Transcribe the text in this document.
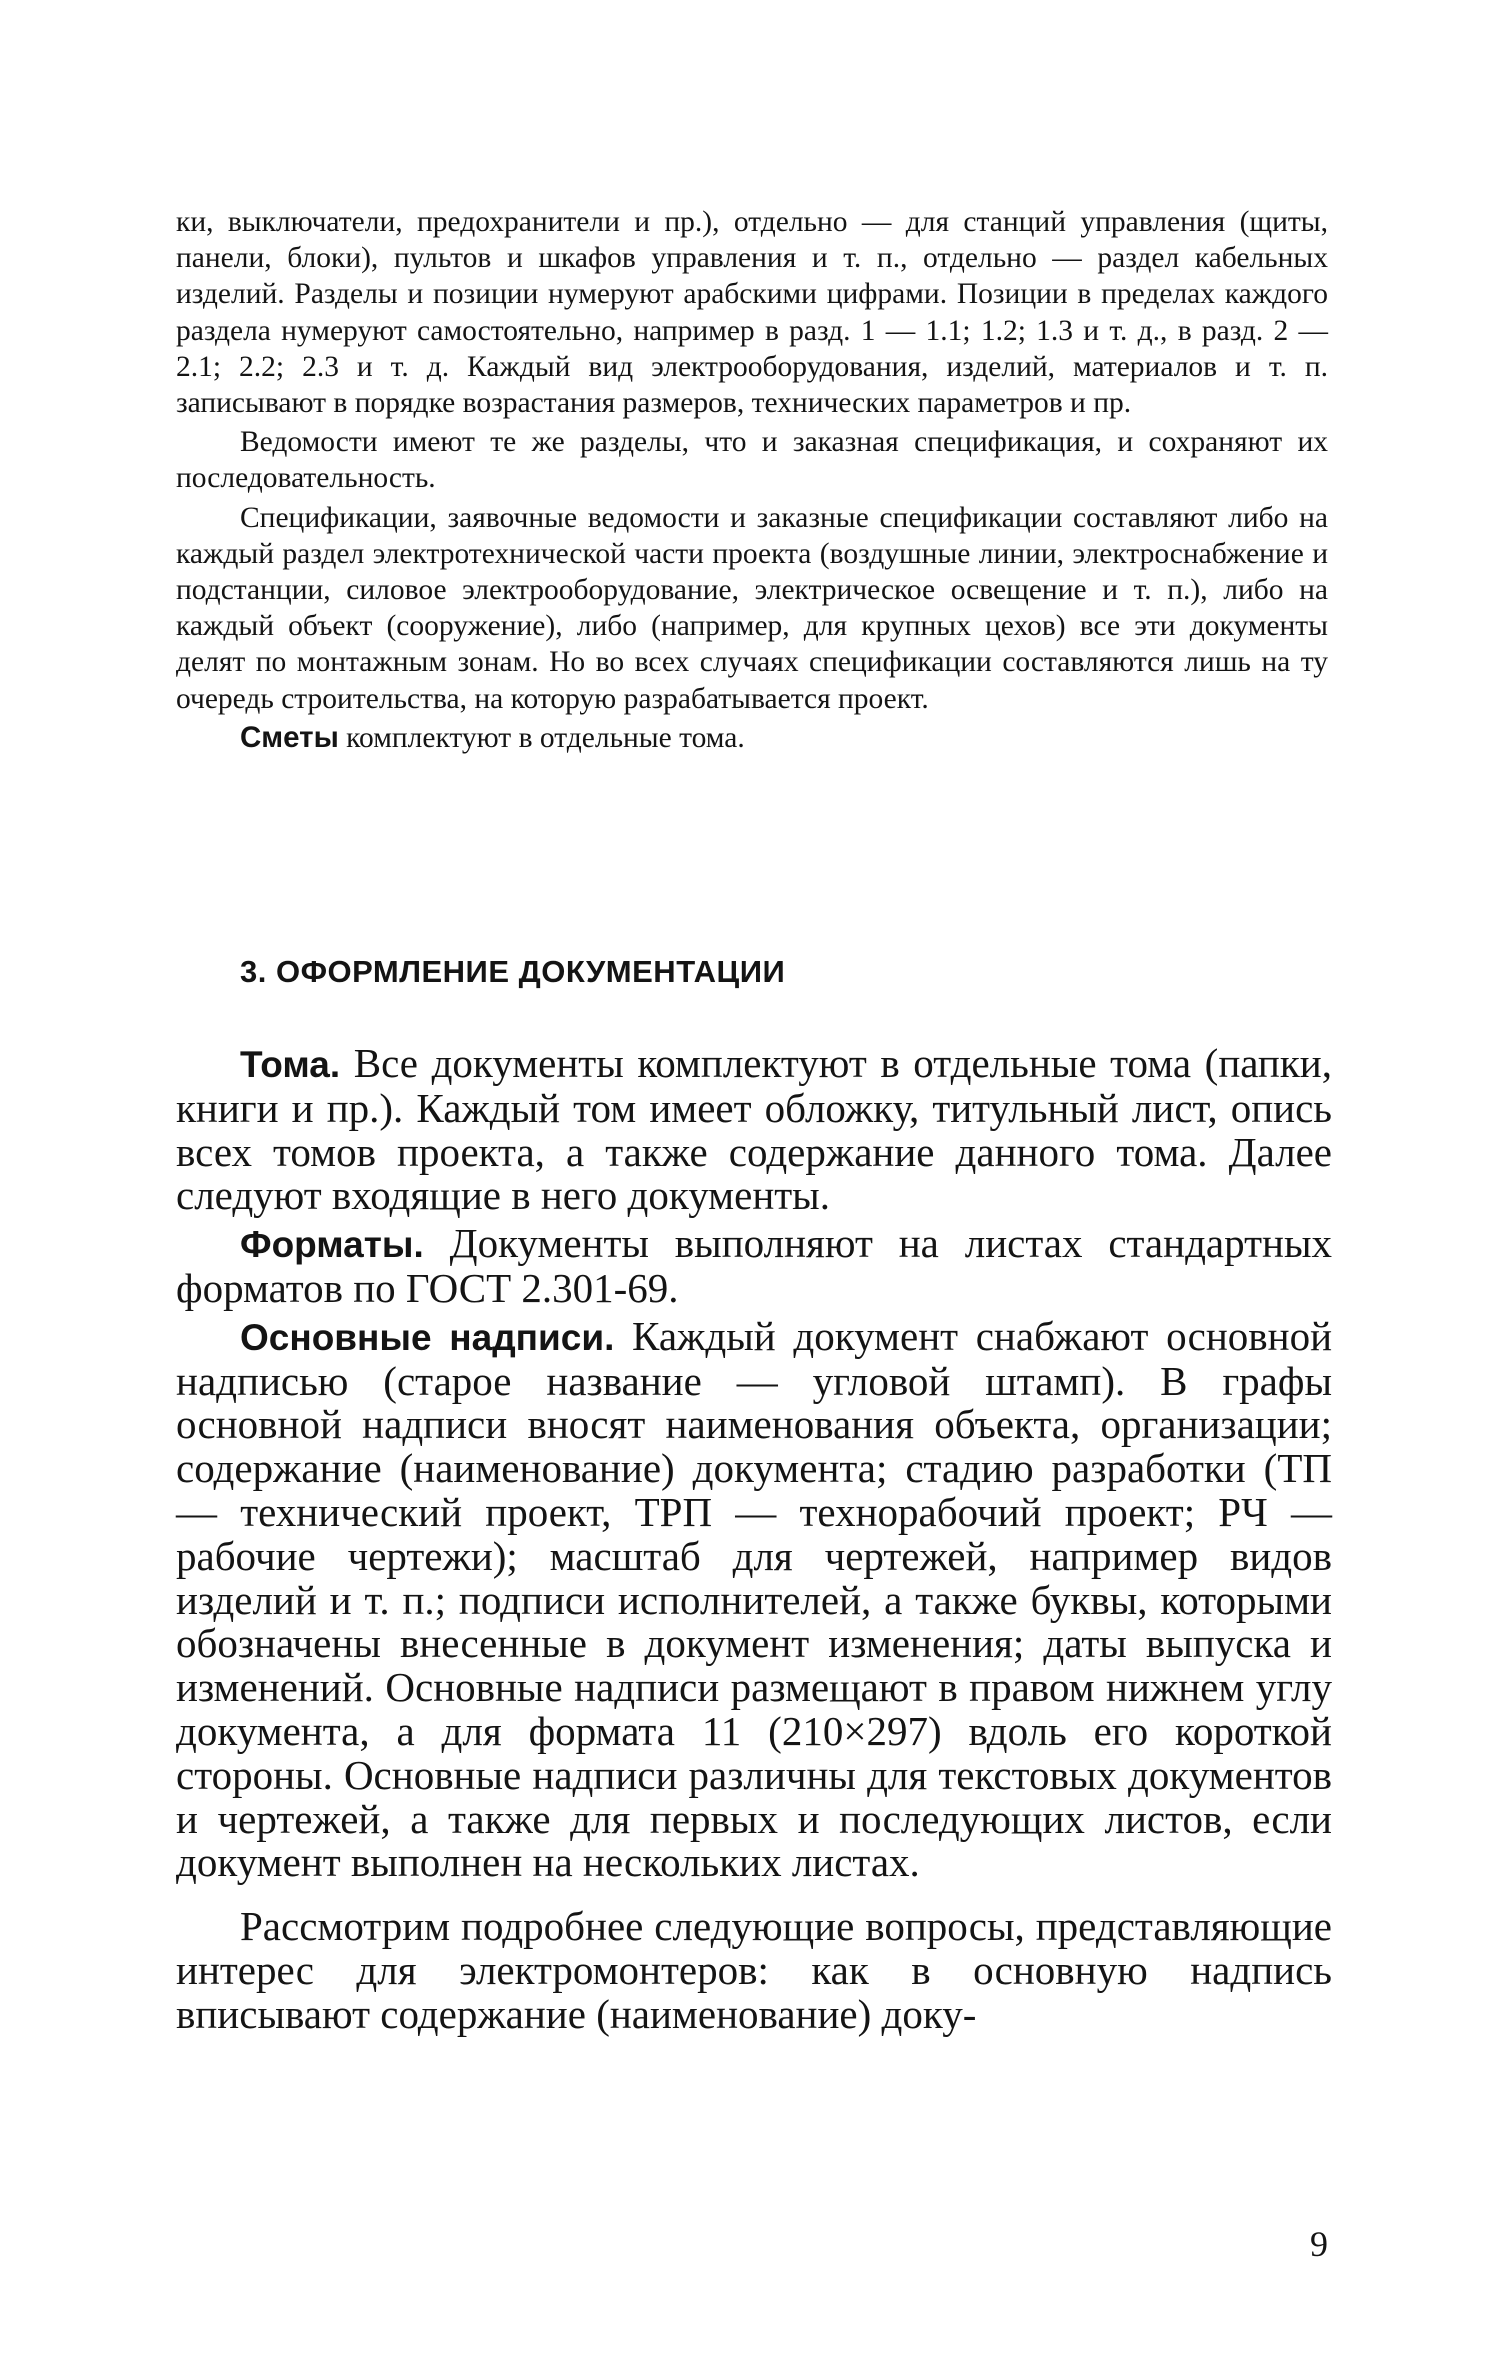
ки, выключатели, предохранители и пр.), отдельно — для станций управления (щиты, панели, блоки), пультов и шкафов управления и т. п., отдельно — раздел кабельных изделий. Разделы и позиции нумеруют арабскими цифрами. Позиции в пределах каждого раздела нумеруют самостоятельно, например в разд. 1 — 1.1; 1.2; 1.3 и т. д., в разд. 2 — 2.1; 2.2; 2.3 и т. д. Каждый вид электрооборудования, изделий, материалов и т. п. записывают в порядке возрастания размеров, технических параметров и пр.

Ведомости имеют те же разделы, что и заказная спецификация, и сохраняют их последовательность.

Спецификации, заявочные ведомости и заказные спецификации составляют либо на каждый раздел электротехнической части проекта (воздушные линии, электроснабжение и подстанции, силовое электрооборудование, электрическое освещение и т. п.), либо на каждый объект (сооружение), либо (например, для крупных цехов) все эти документы делят по монтажным зонам. Но во всех случаях спецификации составляются лишь на ту очередь строительства, на которую разрабатывается проект.

Сметы комплектуют в отдельные тома.

3. ОФОРМЛЕНИЕ ДОКУМЕНТАЦИИ

Тома. Все документы комплектуют в отдельные тома (папки, книги и пр.). Каждый том имеет обложку, титульный лист, опись всех томов проекта, а также содержание данного тома. Далее следуют входящие в него документы.

Форматы. Документы выполняют на листах стандартных форматов по ГОСТ 2.301-69.

Основные надписи. Каждый документ снабжают основной надписью (старое название — угловой штамп). В графы основной надписи вносят наименования объекта, организации; содержание (наименование) документа; стадию разработки (ТП — технический проект, ТРП — технорабочий проект; РЧ — рабочие чертежи); масштаб для чертежей, например видов изделий и т. п.; подписи исполнителей, а также буквы, которыми обозначены внесенные в документ изменения; даты выпуска и изменений. Основные надписи размещают в правом нижнем углу документа, а для формата 11 (210×297) вдоль его короткой стороны. Основные надписи различны для текстовых документов и чертежей, а также для первых и последующих листов, если документ выполнен на нескольких листах.

Рассмотрим подробнее следующие вопросы, представляющие интерес для электромонтеров: как в основную надпись вписывают содержание (наименование) доку-

9
